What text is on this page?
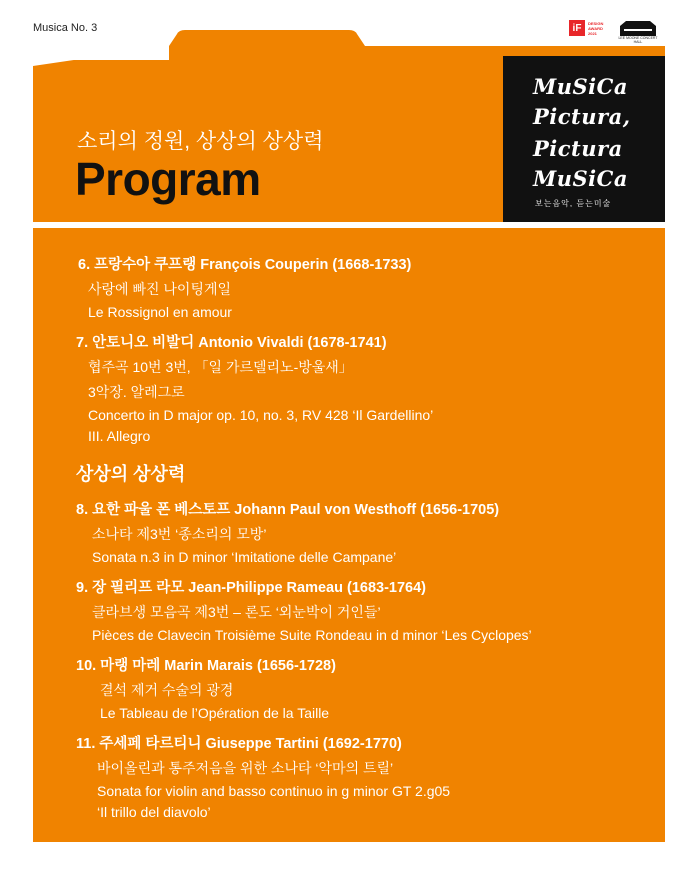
Musica No. 3	iF	DESIGN AWARD 2021
LEE MOONE CONCERT HALL
소리의 정원, 상상의 상상력
Program
MuSiCa
Pictura,
Pictura
MuSiCa
보는음악, 듣는미술
6. 프랑수아 쿠프랭 François Couperin (1668-1733)
사랑에 빠진 나이팅게일
Le Rossignol en amour
7. 안토니오 비발디 Antonio Vivaldi (1678-1741)
협주곡 10번 3번, 「일 가르델리노-방울새」
3악장. 알레그로
Concerto in D major op. 10, no. 3, RV 428 ‘Il Gardellino’
III. Allegro
상상의 상상력
8. 요한 파울 폰 베스토프 Johann Paul von Westhoff (1656-1705)
소나타 제3번 ‘종소리의 모방’
Sonata n.3 in D minor ‘Imitatione delle Campane’
9. 장 필리프 라모 Jean-Philippe Rameau (1683-1764)
클라브생 모음곡 제3번 – 론도 ‘외눈박이 거인들’
Pièces de Clavecin Troisième Suite Rondeau in d minor ‘Les Cyclopes’
10. 마랭 마레 Marin Marais (1656-1728)
결석 제거 수술의 광경
Le Tableau de l’Opération de la Taille
11. 주세페 타르티니 Giuseppe Tartini (1692-1770)
바이올린과 통주저음을 위한 소나타 ‘악마의 트릴’
Sonata for violin and basso continuo in g minor GT 2.g05
‘Il trillo del diavolo’
